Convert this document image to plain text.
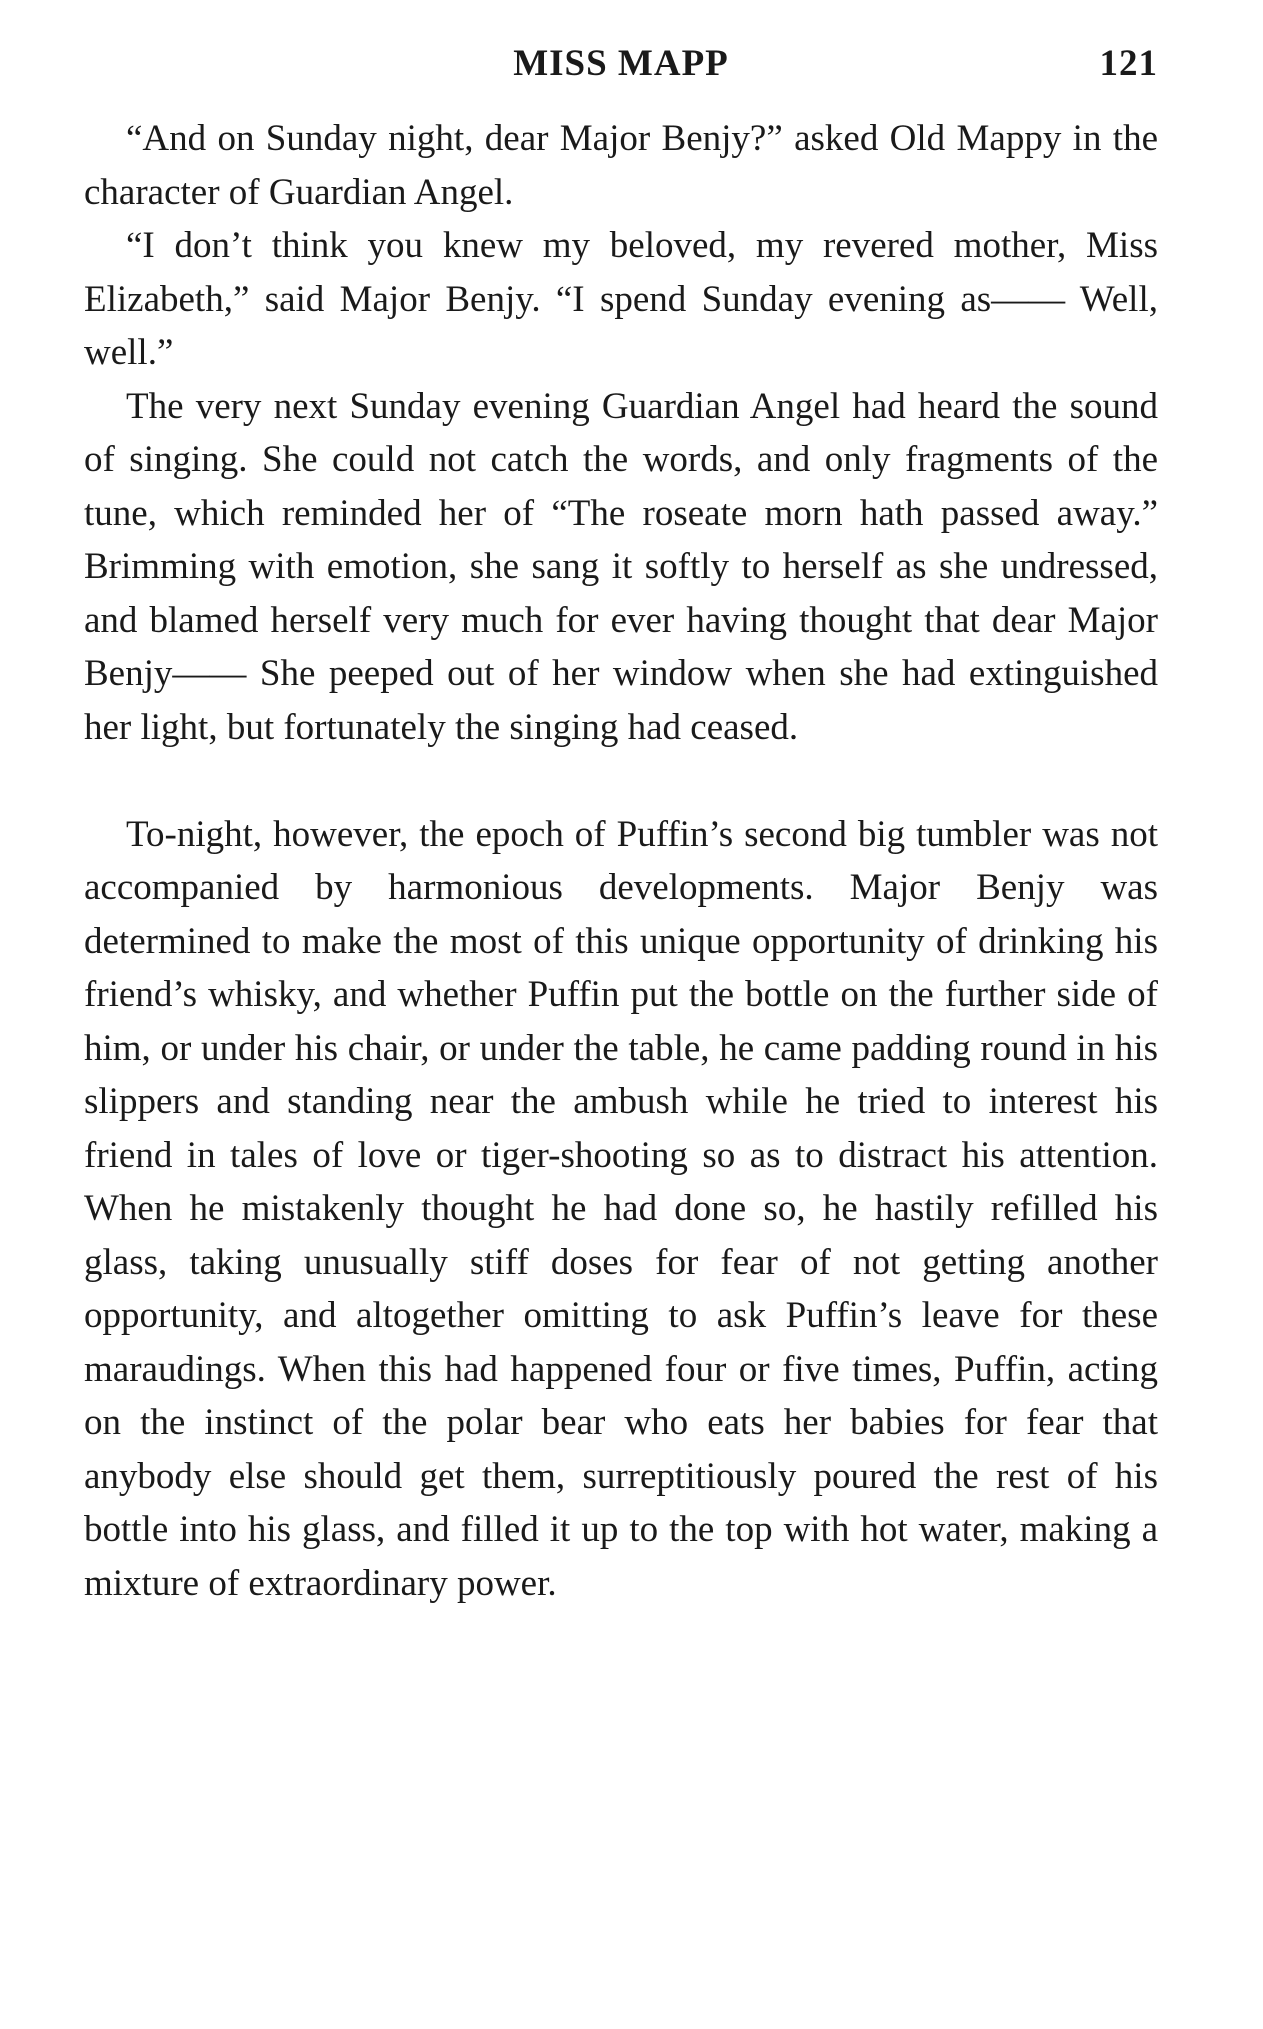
MISS MAPP	121

“And on Sunday night, dear Major Benjy?” asked Old Mappy in the character of Guardian Angel.

“I don’t think you knew my beloved, my revered mother, Miss Elizabeth,” said Major Benjy. “I spend Sunday evening as—— Well, well.”

The very next Sunday evening Guardian Angel had heard the sound of singing. She could not catch the words, and only fragments of the tune, which reminded her of “The roseate morn hath passed away.” Brimming with emotion, she sang it softly to herself as she undressed, and blamed herself very much for ever having thought that dear Major Benjy—— She peeped out of her window when she had extinguished her light, but fortunately the singing had ceased.

To-night, however, the epoch of Puffin’s second big tumbler was not accompanied by harmonious developments. Major Benjy was determined to make the most of this unique opportunity of drinking his friend’s whisky, and whether Puffin put the bottle on the further side of him, or under his chair, or under the table, he came padding round in his slippers and standing near the ambush while he tried to interest his friend in tales of love or tiger-shooting so as to distract his attention. When he mistakenly thought he had done so, he hastily refilled his glass, taking unusually stiff doses for fear of not getting another opportunity, and altogether omitting to ask Puffin’s leave for these maraudings. When this had happened four or five times, Puffin, acting on the instinct of the polar bear who eats her babies for fear that anybody else should get them, surreptitiously poured the rest of his bottle into his glass, and filled it up to the top with hot water, making a mixture of extraordinary power.
